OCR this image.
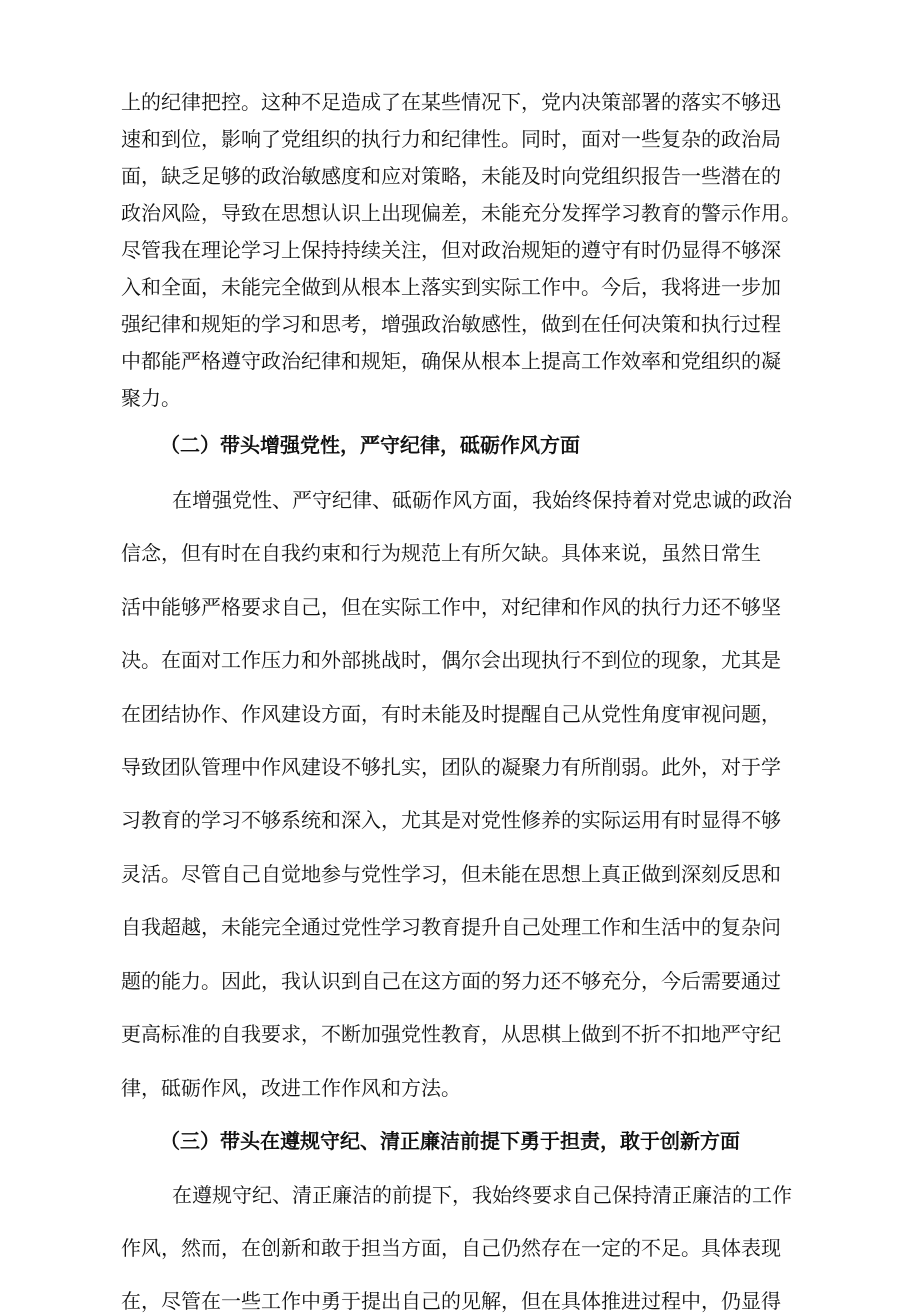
上的纪律把控。这种不足造成了在某些情况下，党内决策部署的落实不够迅
速和到位，影响了党组织的执行力和纪律性。同时，面对一些复杂的政治局
面，缺乏足够的政治敏感度和应对策略，未能及时向党组织报告一些潜在的
政治风险，导致在思想认识上出现偏差，未能充分发挥学习教育的警示作用。
尽管我在理论学习上保持持续关注，但对政治规矩的遵守有时仍显得不够深
入和全面，未能完全做到从根本上落实到实际工作中。今后，我将进一步加
强纪律和规矩的学习和思考，增强政治敏感性，做到在任何决策和执行过程
中都能严格遵守政治纪律和规矩，确保从根本上提高工作效率和党组织的凝
聚力。
（二）带头增强党性，严守纪律，砥砺作风方面
在增强党性、严守纪律、砥砺作风方面，我始终保持着对党忠诚的政治
信念，但有时在自我约束和行为规范上有所欠缺。具体来说，虽然日常生
活中能够严格要求自己，但在实际工作中，对纪律和作风的执行力还不够坚
决。在面对工作压力和外部挑战时，偶尔会出现执行不到位的现象，尤其是
在团结协作、作风建设方面，有时未能及时提醒自己从党性角度审视问题，
导致团队管理中作风建设不够扎实，团队的凝聚力有所削弱。此外，对于学
习教育的学习不够系统和深入，尤其是对党性修养的实际运用有时显得不够
灵活。尽管自己自觉地参与党性学习，但未能在思想上真正做到深刻反思和
自我超越，未能完全通过党性学习教育提升自己处理工作和生活中的复杂问
题的能力。因此，我认识到自己在这方面的努力还不够充分，今后需要通过
更高标准的自我要求，不断加强党性教育，从思棋上做到不折不扣地严守纪
律，砥砺作风，改进工作作风和方法。
（三）带头在遵规守纪、清正廉洁前提下勇于担责，敢于创新方面
在遵规守纪、清正廉洁的前提下，我始终要求自己保持清正廉洁的工作
作风，然而，在创新和敢于担当方面，自己仍然存在一定的不足。具体表现
在，尽管在一些工作中勇于提出自己的见解，但在具体推进过程中，仍显得
